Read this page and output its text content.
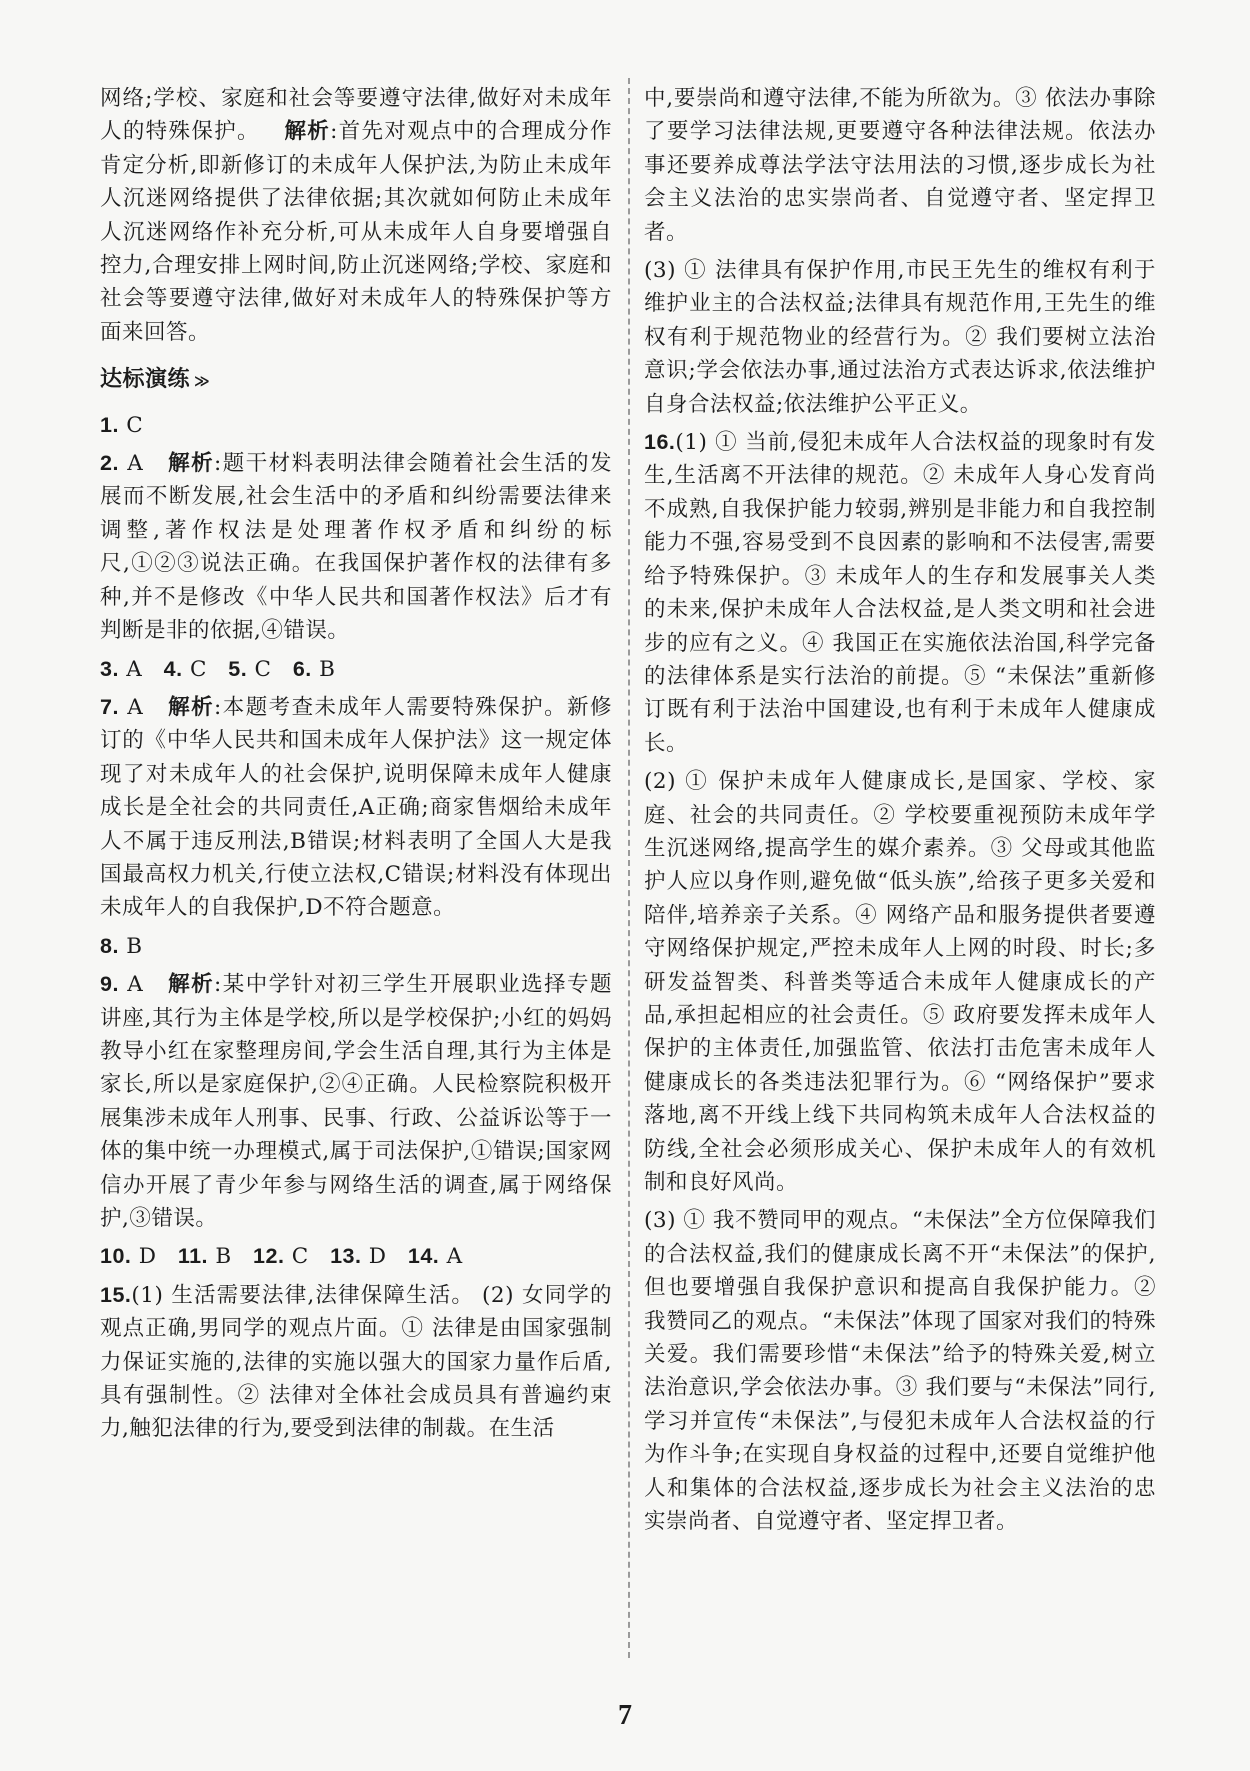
网络;学校、家庭和社会等要遵守法律,做好对未成年人的特殊保护。 解析:首先对观点中的合理成分作肯定分析,即新修订的未成年人保护法,为防止未成年人沉迷网络提供了法律依据;其次就如何防止未成年人沉迷网络作补充分析,可从未成年人自身要增强自控力,合理安排上网时间,防止沉迷网络;学校、家庭和社会等要遵守法律,做好对未成年人的特殊保护等方面来回答。

达标演练 ≫

1. C

2. A 解析:题干材料表明法律会随着社会生活的发展而不断发展,社会生活中的矛盾和纠纷需要法律来调整,著作权法是处理著作权矛盾和纠纷的标尺,①②③说法正确。在我国保护著作权的法律有多种,并不是修改《中华人民共和国著作权法》后才有判断是非的依据,④错误。

3. A 4. C 5. C 6. B

7. A 解析:本题考查未成年人需要特殊保护。新修订的《中华人民共和国未成年人保护法》这一规定体现了对未成年人的社会保护,说明保障未成年人健康成长是全社会的共同责任,A正确;商家售烟给未成年人不属于违反刑法,B错误;材料表明了全国人大是我国最高权力机关,行使立法权,C错误;材料没有体现出未成年人的自我保护,D不符合题意。

8. B

9. A 解析:某中学针对初三学生开展职业选择专题讲座,其行为主体是学校,所以是学校保护;小红的妈妈教导小红在家整理房间,学会生活自理,其行为主体是家长,所以是家庭保护,②④正确。人民检察院积极开展集涉未成年人刑事、民事、行政、公益诉讼等于一体的集中统一办理模式,属于司法保护,①错误;国家网信办开展了青少年参与网络生活的调查,属于网络保护,③错误。

10. D 11. B 12. C 13. D 14. A

15.(1) 生活需要法律,法律保障生活。 (2) 女同学的观点正确,男同学的观点片面。① 法律是由国家强制力保证实施的,法律的实施以强大的国家力量作后盾,具有强制性。② 法律对全体社会成员具有普遍约束力,触犯法律的行为,要受到法律的制裁。在生活

中,要崇尚和遵守法律,不能为所欲为。③ 依法办事除了要学习法律法规,更要遵守各种法律法规。依法办事还要养成尊法学法守法用法的习惯,逐步成长为社会主义法治的忠实崇尚者、自觉遵守者、坚定捍卫者。

(3) ① 法律具有保护作用,市民王先生的维权有利于维护业主的合法权益;法律具有规范作用,王先生的维权有利于规范物业的经营行为。② 我们要树立法治意识;学会依法办事,通过法治方式表达诉求,依法维护自身合法权益;依法维护公平正义。

16.(1) ① 当前,侵犯未成年人合法权益的现象时有发生,生活离不开法律的规范。② 未成年人身心发育尚不成熟,自我保护能力较弱,辨别是非能力和自我控制能力不强,容易受到不良因素的影响和不法侵害,需要给予特殊保护。③ 未成年人的生存和发展事关人类的未来,保护未成年人合法权益,是人类文明和社会进步的应有之义。④ 我国正在实施依法治国,科学完备的法律体系是实行法治的前提。⑤ “未保法”重新修订既有利于法治中国建设,也有利于未成年人健康成长。

(2) ① 保护未成年人健康成长,是国家、学校、家庭、社会的共同责任。② 学校要重视预防未成年学生沉迷网络,提高学生的媒介素养。③ 父母或其他监护人应以身作则,避免做“低头族”,给孩子更多关爱和陪伴,培养亲子关系。④ 网络产品和服务提供者要遵守网络保护规定,严控未成年人上网的时段、时长;多研发益智类、科普类等适合未成年人健康成长的产品,承担起相应的社会责任。⑤ 政府要发挥未成年人保护的主体责任,加强监管、依法打击危害未成年人健康成长的各类违法犯罪行为。⑥ “网络保护”要求落地,离不开线上线下共同构筑未成年人合法权益的防线,全社会必须形成关心、保护未成年人的有效机制和良好风尚。

(3) ① 我不赞同甲的观点。“未保法”全方位保障我们的合法权益,我们的健康成长离不开“未保法”的保护,但也要增强自我保护意识和提高自我保护能力。② 我赞同乙的观点。“未保法”体现了国家对我们的特殊关爱。我们需要珍惜“未保法”给予的特殊关爱,树立法治意识,学会依法办事。③ 我们要与“未保法”同行,学习并宣传“未保法”,与侵犯未成年人合法权益的行为作斗争;在实现自身权益的过程中,还要自觉维护他人和集体的合法权益,逐步成长为社会主义法治的忠实崇尚者、自觉遵守者、坚定捍卫者。

7
